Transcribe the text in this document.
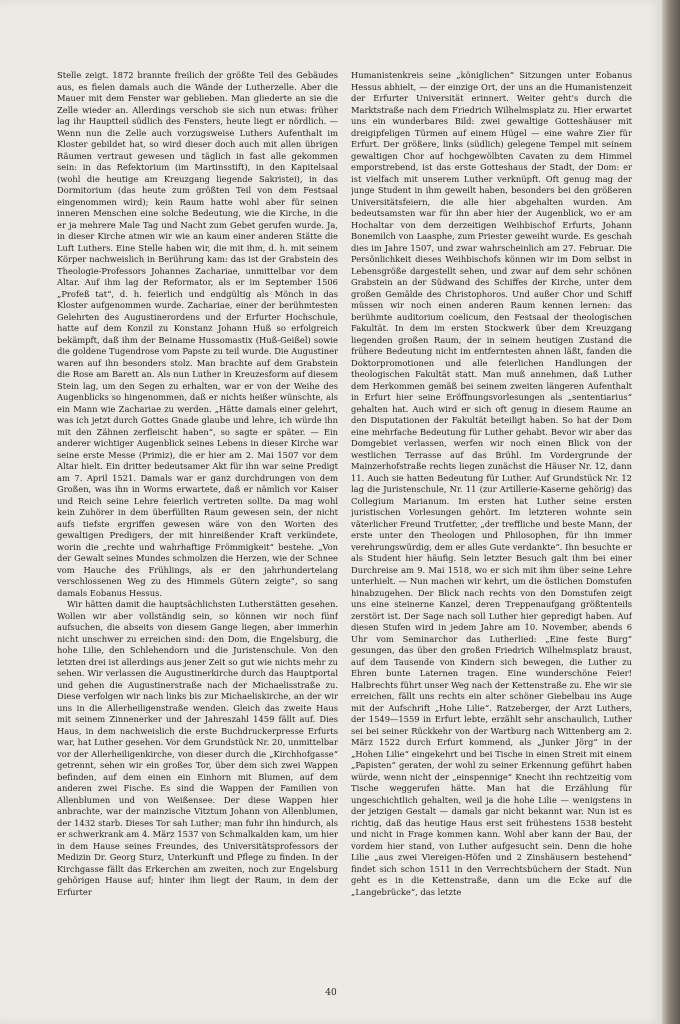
Stelle zeigt. 1872 brannte freilich der größte Teil des Gebäudes aus, es fielen damals auch die Wände der Lutherzelle. Aber die Mauer mit dem Fenster war geblieben. Man gliederte an sie die Zelle wieder an. Allerdings verschob sie sich nun etwas: früher lag ihr Hauptteil südlich des Fensters, heute liegt er nördlich. — Wenn nun die Zelle auch vorzugsweise Luthers Aufenthalt im Kloster gebildet hat, so wird dieser doch auch mit allen übrigen Räumen vertraut gewesen und täglich in fast alle gekommen sein: in das Refektorium (im Martinsstift), in den Kapitelsaal (wohl die heutige am Kreuzgang liegende Sakristei), in das Dormitorium (das heute zum größten Teil von dem Festsaal eingenommen wird); kein Raum hatte wohl aber für seinen inneren Menschen eine solche Bedeutung, wie die Kirche, in die er ja mehrere Male Tag und Nacht zum Gebet gerufen wurde. Ja, in dieser Kirche atmen wir wie an kaum einer anderen Stätte die Luft Luthers. Eine Stelle haben wir, die mit ihm, d. h. mit seinem Körper nachweislich in Berührung kam: das ist der Grabstein des Theologie-Professors Johannes Zachariae, unmittelbar vor dem Altar. Auf ihm lag der Reformator, als er im September 1506 „Profeß tat“, d. h. feierlich und endgültig als Mönch in das Kloster aufgenommen wurde. Zachariae, einer der berühmtesten Gelehrten des Augustinerordens und der Erfurter Hochschule, hatte auf dem Konzil zu Konstanz Johann Huß so erfolgreich bekämpft, daß ihm der Beiname Hussomastix (Huß-Geißel) sowie die goldene Tugendrose vom Papste zu teil wurde. Die Augustiner waren auf ihn besonders stolz. Man brachte auf dem Grabstein die Rose am Barett an. Als nun Luther in Kreuzesform auf diesem Stein lag, um den Segen zu erhalten, war er von der Weihe des Augenblicks so hingenommen, daß er nichts heißer wünschte, als ein Mann wie Zachariae zu werden. „Hätte damals einer gelehrt, was ich jetzt durch Gottes Gnade glaube und lehre, ich würde ihn mit den Zähnen zerfleischt haben“, so sagte er später. — Ein anderer wichtiger Augenblick seines Lebens in dieser Kirche war seine erste Messe (Primiz), die er hier am 2. Mai 1507 vor dem Altar hielt. Ein dritter bedeutsamer Akt für ihn war seine Predigt am 7. April 1521. Damals war er ganz durchdrungen von dem Großen, was ihn in Worms erwartete, daß er nämlich vor Kaiser und Reich seine Lehre feierlich vertreten sollte. Da mag wohl kein Zuhörer in dem überfüllten Raum gewesen sein, der nicht aufs tiefste ergriffen gewesen wäre von den Worten des gewaltigen Predigers, der mit hinreißender Kraft verkündete, worin die „rechte und wahrhaftige Frömmigkeit“ bestehe. „Von der Gewalt seines Mundes schmolzen die Herzen, wie der Schnee vom Hauche des Frühlings, als er den jahrhundertelang verschlossenen Weg zu des Himmels Gütern zeigte“, so sang damals Eobanus Hessus.

Wir hätten damit die hauptsächlichsten Lutherstätten gesehen. Wollen wir aber vollständig sein, so können wir noch fünf aufsuchen, die abseits von diesem Gange liegen, aber immerhin nicht unschwer zu erreichen sind: den Dom, die Engelsburg, die hohe Lilie, den Schlehendorn und die Juristenschule. Von den letzten drei ist allerdings aus jener Zeit so gut wie nichts mehr zu sehen. Wir verlassen die Augustinerkirche durch das Hauptportal und gehen die Augustinerstraße nach der Michaelisstraße zu. Diese verfolgen wir nach links bis zur Michaeliskirche, an der wir uns in die Allerheiligenstraße wenden. Gleich das zweite Haus mit seinem Zinnenerker und der Jahreszahl 1459 fällt auf. Dies Haus, in dem nachweislich die erste Buchdruckerpresse Erfurts war, hat Luther gesehen. Vor dem Grundstück Nr. 20, unmittelbar vor der Allerheiligenkirche, von dieser durch die „Kirchhofgasse“ getrennt, sehen wir ein großes Tor, über dem sich zwei Wappen befinden, auf dem einen ein Einhorn mit Blumen, auf dem anderen zwei Fische. Es sind die Wappen der Familien von Allenblumen und von Weißensee. Der diese Wappen hier anbrachte, war der mainzische Vitztum Johann von Allenblumen, der 1432 starb. Dieses Tor sah Luther; man fuhr ihn hindurch, als er schwerkrank am 4. März 1537 von Schmalkalden kam, um hier in dem Hause seines Freundes, des Universitätsprofessors der Medizin Dr. Georg Sturz, Unterkunft und Pflege zu finden. In der Kirchgasse fällt das Erkerchen am zweiten, noch zur Engelsburg gehörigen Hause auf; hinter ihm liegt der Raum, in dem der Erfurter

Humanistenkreis seine „königlichen“ Sitzungen unter Eobanus Hessus abhielt, — der einzige Ort, der uns an die Humanistenzeit der Erfurter Universität erinnert. Weiter geht's durch die Marktstraße nach dem Friedrich Wilhelmsplatz zu. Hier erwartet uns ein wunderbares Bild: zwei gewaltige Gotteshäuser mit dreigipfeligen Türmen auf einem Hügel — eine wahre Zier für Erfurt. Der größere, links (südlich) gelegene Tempel mit seinem gewaltigen Chor auf hochgewölbten Cavaten zu dem Himmel emporstrebend, ist das erste Gotteshaus der Stadt, der Dom: er ist vielfach mit unserem Luther verknüpft. Oft genug mag der junge Student in ihm geweilt haben, besonders bei den größeren Universitätsfeiern, die alle hier abgehalten wurden. Am bedeutsamsten war für ihn aber hier der Augenblick, wo er am Hochaltar von dem derzeitigen Weihbischof Erfurts, Johann Bonemilch von Laasphe, zum Priester geweiht wurde. Es geschah dies im Jahre 1507, und zwar wahrscheinlich am 27. Februar. Die Persönlichkeit dieses Weihbischofs können wir im Dom selbst in Lebensgröße dargestellt sehen, und zwar auf dem sehr schönen Grabstein an der Südwand des Schiffes der Kirche, unter dem großen Gemälde des Christophoros. Und außer Chor und Schiff müssen wir noch einen anderen Raum kennen lernen: das berühmte auditorium coelicum, den Festsaal der theologischen Fakultät. In dem im ersten Stockwerk über dem Kreuzgang liegenden großen Raum, der in seinem heutigen Zustand die frühere Bedeutung nicht im entferntesten ahnen läßt, fanden die Doktorpromotionen und alle feierlichen Handlungen der theologischen Fakultät statt. Man muß annehmen, daß Luther dem Herkommen gemäß bei seinem zweiten längeren Aufenthalt in Erfurt hier seine Eröffnungsvorlesungen als „sententiarius“ gehalten hat. Auch wird er sich oft genug in diesem Raume an den Disputationen der Fakultät beteiligt haben. So hat der Dom eine mehrfache Bedeutung für Luther gehabt. Bevor wir aber das Domgebiet verlassen, werfen wir noch einen Blick von der westlichen Terrasse auf das Brühl. Im Vordergrunde der Mainzerhofstraße rechts liegen zunächst die Häuser Nr. 12, dann 11. Auch sie hatten Bedeutung für Luther. Auf Grundstück Nr. 12 lag die Juristenschule, Nr. 11 (zur Artillerie-Kaserne gehörig) das Collegium Marianum. Im ersten hat Luther seine ersten juristischen Vorlesungen gehört. Im letzteren wohnte sein väterlicher Freund Trutfetter, „der treffliche und beste Mann, der erste unter den Theologen und Philosophen, für ihn immer verehrungswürdig, dem er alles Gute verdankte“. Ihn besuchte er als Student hier häufig. Sein letzter Besuch galt ihm bei einer Durchreise am 9. Mai 1518, wo er sich mit ihm über seine Lehre unterhielt. — Nun machen wir kehrt, um die östlichen Domstufen hinabzugehen. Der Blick nach rechts von den Domstufen zeigt uns eine steinerne Kanzel, deren Treppenaufgang größtenteils zerstört ist. Der Sage nach soll Luther hier gepredigt haben. Auf diesen Stufen wird in jedem Jahre am 10. November, abends 6 Uhr vom Seminarchor das Lutherlied: „Eine feste Burg“ gesungen, das über den großen Friedrich Wilhelmsplatz braust, auf dem Tausende von Kindern sich bewegen, die Luther zu Ehren bunte Laternen tragen. Eine wunderschöne Feier! Halbrechts führt unser Weg nach der Kettenstraße zu. Ehe wir sie erreichen, fällt uns rechts ein alter schöner Giebelbau ins Auge mit der Aufschrift „Hohe Lilie“. Ratzeberger, der Arzt Luthers, der 1549—1559 in Erfurt lebte, erzählt sehr anschaulich, Luther sei bei seiner Rückkehr von der Wartburg nach Wittenberg am 2. März 1522 durch Erfurt kommend, als „Junker Jörg“ in der „Hohen Lilie“ eingekehrt und bei Tische in einen Streit mit einem „Papisten“ geraten, der wohl zu seiner Erkennung geführt haben würde, wenn nicht der „einspennige“ Knecht ihn rechtzeitig vom Tische weggerufen hätte. Man hat die Erzählung für ungeschichtlich gehalten, weil ja die hohe Lilie — wenigstens in der jetzigen Gestalt — damals gar nicht bekannt war. Nun ist es richtig, daß das heutige Haus erst seit frühestens 1538 besteht und nicht in Frage kommen kann. Wohl aber kann der Bau, der vordem hier stand, von Luther aufgesucht sein. Denn die hohe Lilie „aus zwei Viereigen-Höfen und 2 Zinshäusern bestehend“ findet sich schon 1511 in den Verrechtsbüchern der Stadt. Nun geht es in die Kettenstraße, dann um die Ecke auf die „Langebrücke“, das letzte

40
